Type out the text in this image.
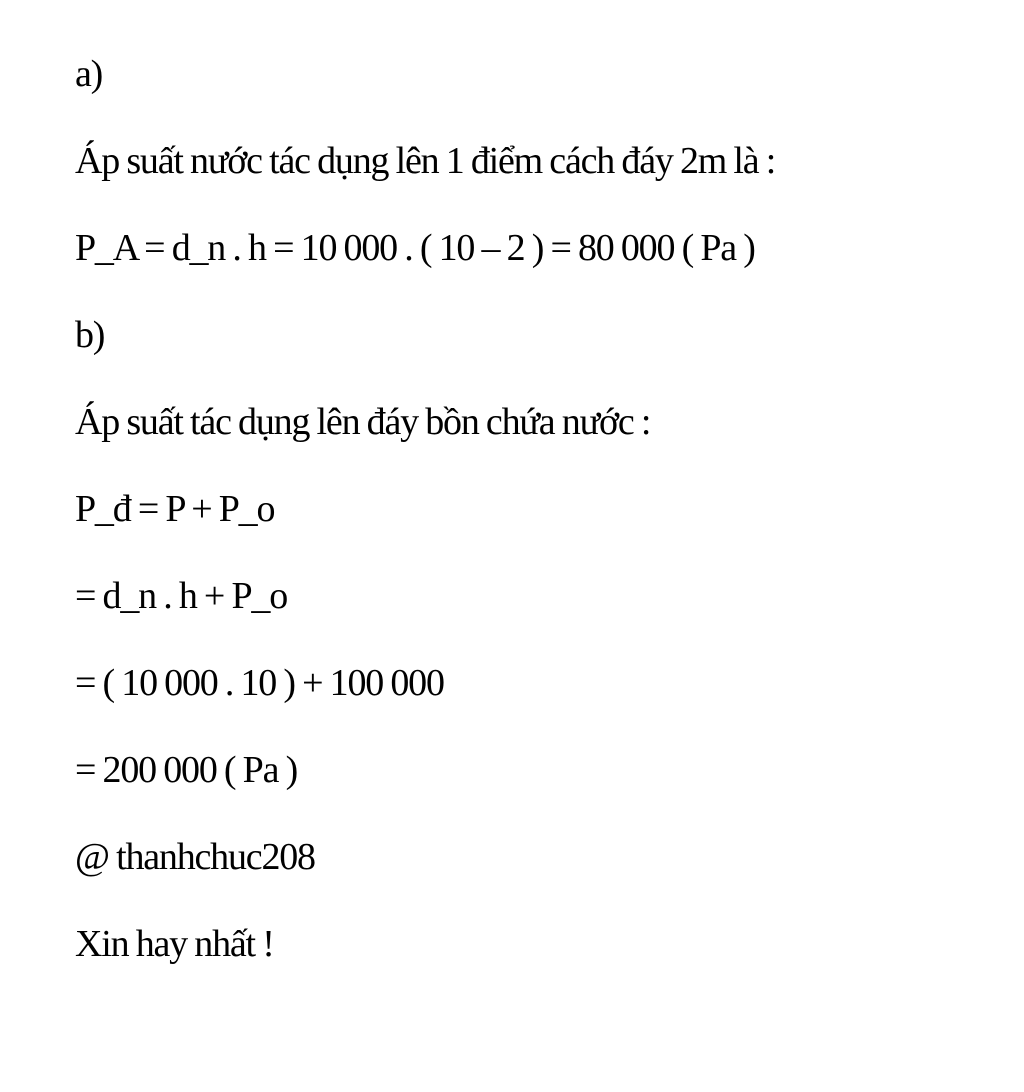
a)
Áp suất nước tác dụng lên 1 điểm cách đáy 2m là :
P_A = d_n . h = 10 000 . ( 10 – 2 ) = 80 000 ( Pa )
b)
Áp suất tác dụng lên đáy bồn chứa nước :
P_đ = P + P_o
= d_n . h + P_o
= ( 10 000 . 10 ) + 100 000
= 200 000 ( Pa )
@ thanhchuc208
Xin hay nhất !
